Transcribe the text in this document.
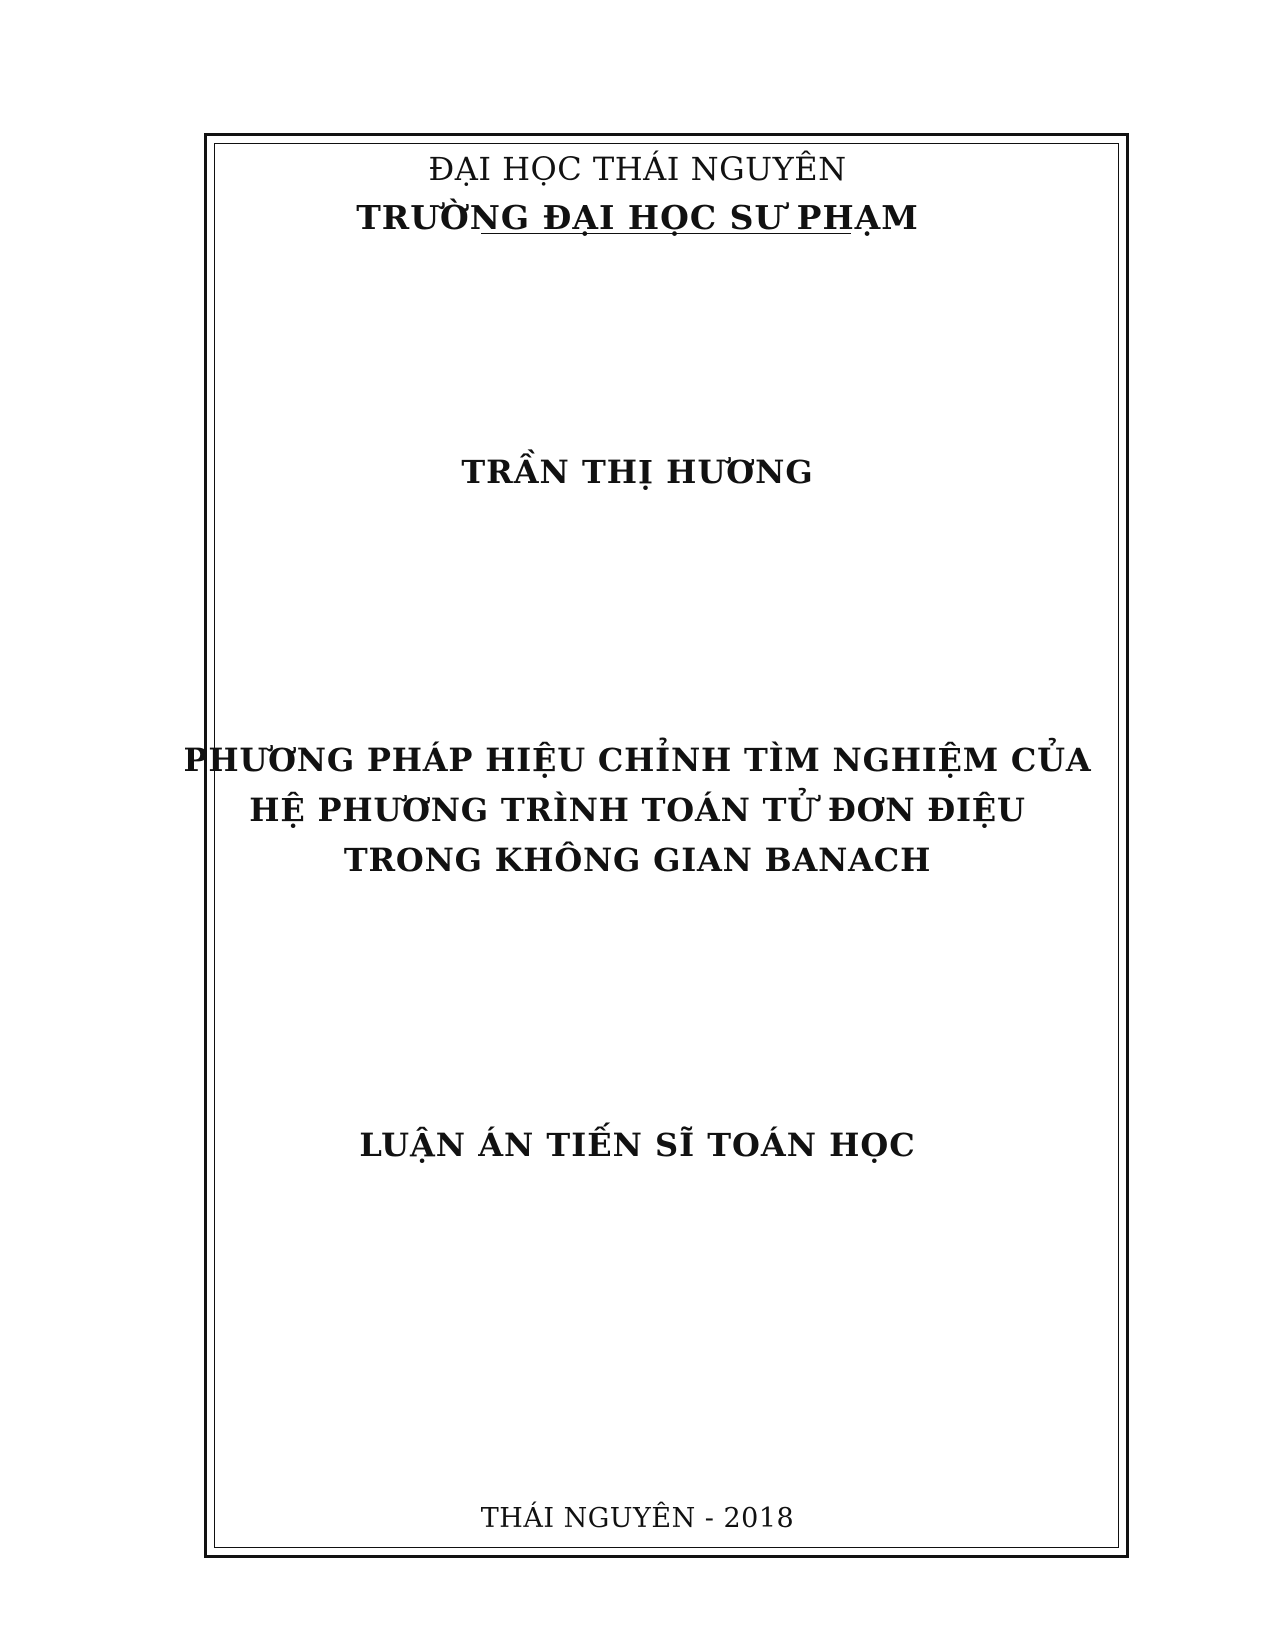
ĐẠI HỌC THÁI NGUYÊN
TRƯỜNG ĐẠI HỌC SƯ PHẠM
TRẦN THỊ HƯƠNG
PHƯƠNG PHÁP HIỆU CHỈNH TÌM NGHIỆM CỦA
HỆ PHƯƠNG TRÌNH TOÁN TỬ ĐƠN ĐIỆU
TRONG KHÔNG GIAN BANACH
LUẬN ÁN TIẾN SĨ TOÁN HỌC
THÁI NGUYÊN - 2018
